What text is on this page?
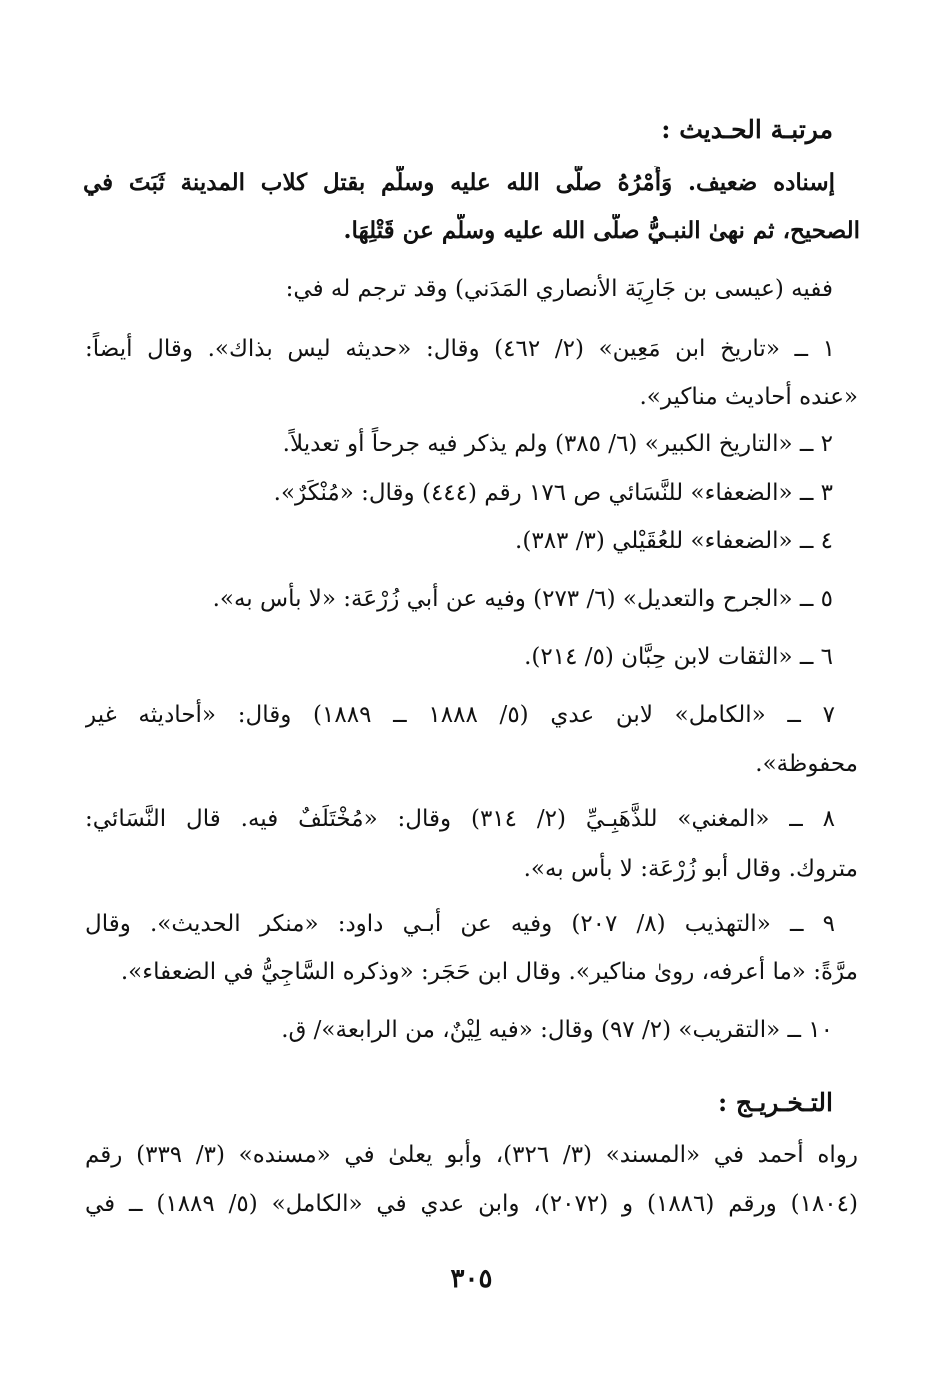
مرتبـة الحـديث :
إسناده ضعيف. وَأَمْرُهُ صلَّى الله عليه وسلَّم بقتل كلاب المدينة ثَبَتَ في
الصحيح، ثم نهىٰ النبـيُّ صلَّى الله عليه وسلَّم عن قَتْلِهَا.
ففيه (عيسى بن جَارِيَة الأنصاري المَدَني) وقد ترجم له في:
١ ــ «تاريخ ابن مَعِين» (٢/ ٤٦٢) وقال: «حديثه ليس بذاك». وقال أيضاً:
«عنده أحاديث مناكير».
٢ ــ «التاريخ الكبير» (٦/ ٣٨٥) ولم يذكر فيه جرحاً أو تعديلاً.
٣ ــ «الضعفاء» للنَّسَائي ص ١٧٦ رقم (٤٤٤) وقال: «مُنْكَرٌ».
٤ ــ «الضعفاء» للعُقَيْلي (٣/ ٣٨٣).
٥ ــ «الجرح والتعديل» (٦/ ٢٧٣) وفيه عن أبي زُرْعَة: «لا بأس به».
٦ ــ «الثقات لابن حِبَّان (٥/ ٢١٤).
٧ ــ «الكامل» لابن عدي (٥/ ١٨٨٨ ــ ١٨٨٩) وقال: «أحاديثه غير
محفوظة».
٨ ــ «المغني» للذَّهَبِـيِّ (٢/ ٣١٤) وقال: «مُخْتَلَفٌ فيه. قال النَّسَائي:
متروك. وقال أبو زُرْعَة: لا بأس به».
٩ ــ «التهذيب (٨/ ٢٠٧) وفيه عن أبـي داود: «منكر الحديث». وقال
مرَّةً: «ما أعرفه، روىٰ مناكير». وقال ابن حَجَر: «وذكره السَّاجِيُّ في الضعفاء».
١٠ ــ «التقريب» (٢/ ٩٧) وقال: «فيه لِيْنٌ، من الرابعة»/ ق.
التـخـريـج :
رواه أحمد في «المسند» (٣/ ٣٢٦)، وأبو يعلىٰ في «مسنده» (٣/ ٣٣٩) رقم
(١٨٠٤) ورقم (١٨٨٦) و (٢٠٧٢)، وابن عدي في «الكامل» (٥/ ١٨٨٩) ــ في
٣٠٥
